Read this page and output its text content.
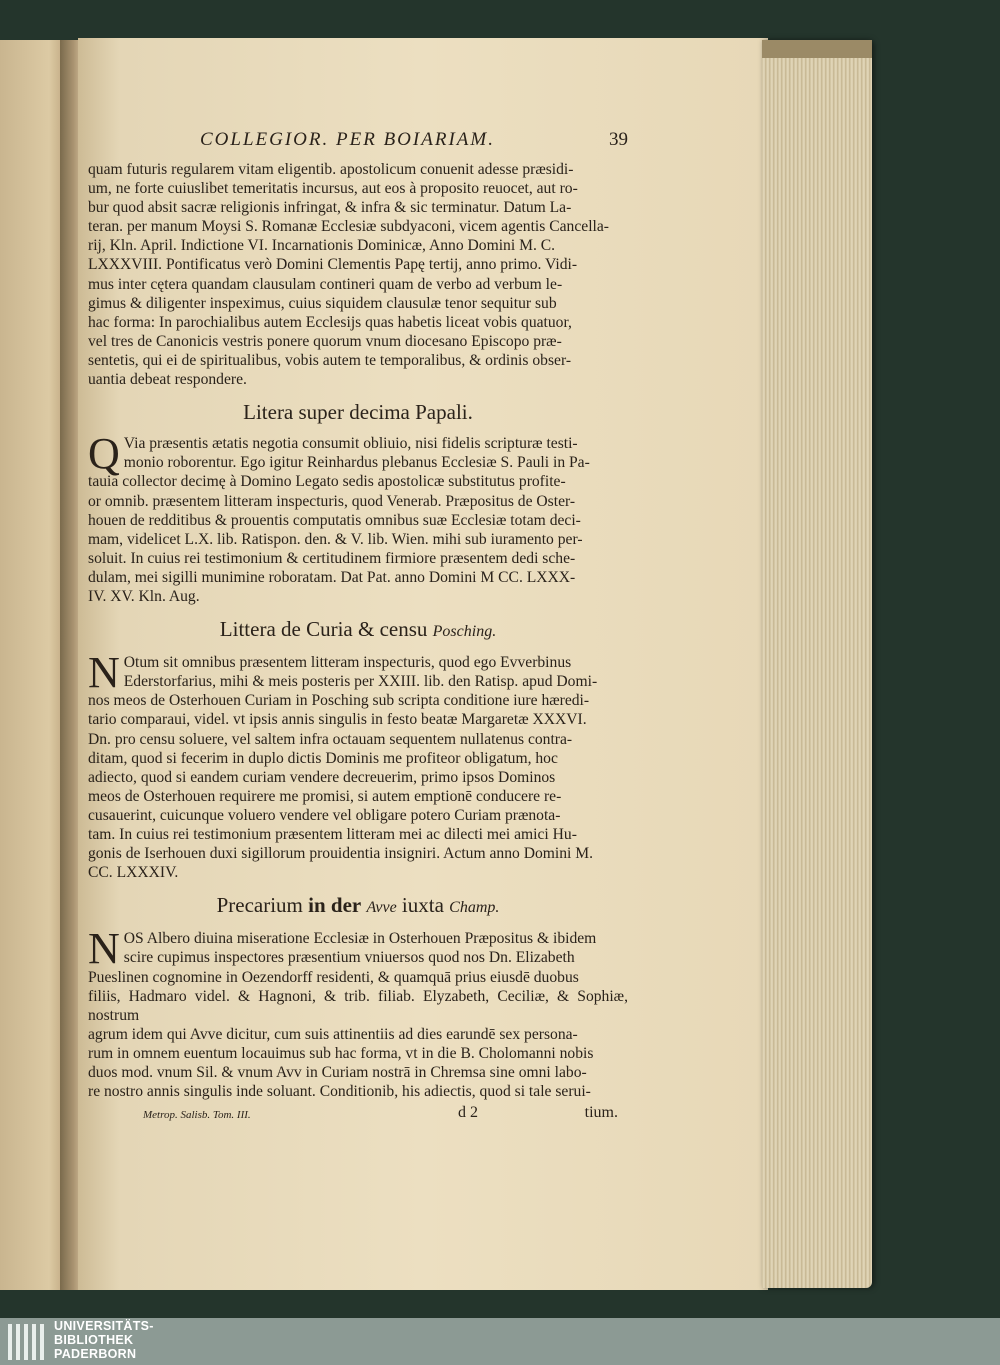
COLLEGIOR. PER BOIARIAM.	39

quam futuris regularem vitam eligentib. apostolicum conuenit adesse præsidi-

um, ne forte cuiuslibet temeritatis incursus, aut eos à proposito reuocet, aut ro-

bur quod absit sacræ religionis infringat, & infra & sic terminatur. Datum La-

teran. per manum Moysi S. Romanæ Ecclesiæ subdyaconi, vicem agentis Cancella-

rij, Kln. April. Indictione VI. Incarnationis Dominicæ, Anno Domini M. C.

LXXXVIII. Pontificatus verò Domini Clementis Papę tertij, anno primo. Vidi-

mus inter cętera quandam clausulam contineri quam de verbo ad verbum le-

gimus & diligenter inspeximus, cuius siquidem clausulæ tenor sequitur sub

hac forma: In parochialibus autem Ecclesijs quas habetis liceat vobis quatuor,

vel tres de Canonicis vestris ponere quorum vnum diocesano Episcopo præ-

sentetis, qui ei de spiritualibus, vobis autem te temporalibus, & ordinis obser-

uantia debeat respondere.

Litera super decima Papali.
Q Via præsentis ætatis negotia consumit obliuio, nisi fidelis scripturæ testi-

monio roborentur. Ego igitur Reinhardus plebanus Ecclesiæ S. Pauli in Pa-

tauia collector decimę à Domino Legato sedis apostolicæ substitutus profite-

or omnib. præsentem litteram inspecturis, quod Venerab. Præpositus de Oster-

houen de redditibus & prouentis computatis omnibus suæ Ecclesiæ totam deci-

mam, videlicet L.X. lib. Ratispon. den. & V. lib. Wien. mihi sub iuramento per-

soluit. In cuius rei testimonium & certitudinem firmiore præsentem dedi sche-

dulam, mei sigilli munimine roboratam. Dat Pat. anno Domini M CC. LXXX-

IV. XV. Kln. Aug.

Littera de Curia & censu Posching.
N Otum sit omnibus præsentem litteram inspecturis, quod ego Evverbinus

Ederstorfarius, mihi & meis posteris per XXIII. lib. den Ratisp. apud Domi-

nos meos de Osterhouen Curiam in Posching sub scripta conditione iure hæredi-

tario comparaui, videl. vt ipsis annis singulis in festo beatæ Margaretæ XXXVI.

Dn. pro censu soluere, vel saltem infra octauam sequentem nullatenus contra-

ditam, quod si fecerim in duplo dictis Dominis me profiteor obligatum, hoc

adiecto, quod si eandem curiam vendere decreuerim, primo ipsos Dominos

meos de Osterhouen requirere me promisi, si autem emptionē conducere re-

cusauerint, cuicunque voluero vendere vel obligare potero Curiam prænota-

tam. In cuius rei testimonium præsentem litteram mei ac dilecti mei amici Hu-

gonis de Iserhouen duxi sigillorum prouidentia insigniri. Actum anno Domini M.

CC. LXXXIV.

Precarium in der Avve iuxta Champ.
N OS Albero diuina miseratione Ecclesiæ in Osterhouen Præpositus & ibidem

scire cupimus inspectores præsentium vniuersos quod nos Dn. Elizabeth

Pueslinen cognomine in Oezendorff residenti, & quamquā prius eiusdē duobus

filiis, Hadmaro videl. & Hagnoni, & trib. filiab. Elyzabeth, Ceciliæ, & Sophiæ, nostrum

agrum idem qui Avve dicitur, cum suis attinentiis ad dies earundē sex persona-

rum in omnem euentum locauimus sub hac forma, vt in die B. Cholomanni nobis

duos mod. vnum Sil. & vnum Avv in Curiam nostrā in Chremsa sine omni labo-

re nostro annis singulis inde soluant. Conditionib, his adiectis, quod si tale serui-

Metrop. Salisb. Tom. III.	d 2	tium.
UNIVERSITÄTS-
BIBLIOTHEK
PADERBORN
